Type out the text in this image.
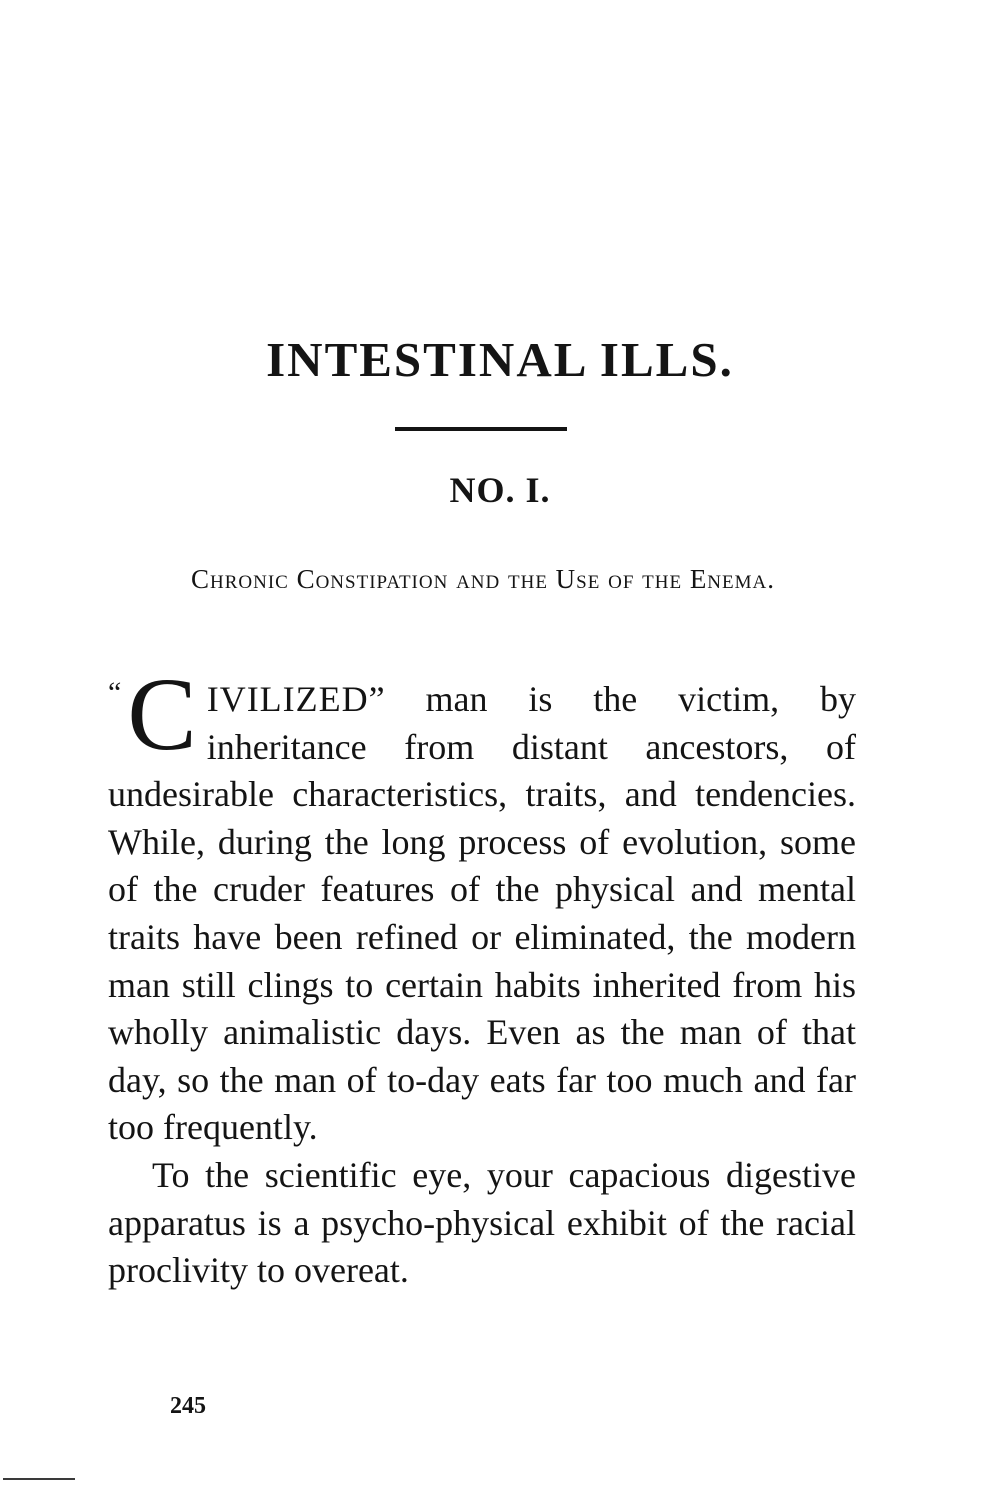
INTESTINAL ILLS.
NO. I.

Chronic Constipation and the Use of the Enema.

“C IVILIZED” man is the victim, by inheritance from distant ancestors, of undesirable characteristics, traits, and tendencies. While, during the long process of evolution, some of the cruder features of the physical and mental traits have been refined or eliminated, the modern man still clings to certain habits inherited from his wholly animalistic days. Even as the man of that day, so the man of to-day eats far too much and far too frequently.

To the scientific eye, your capacious digestive apparatus is a psycho-physical exhibit of the racial proclivity to overeat.

245
